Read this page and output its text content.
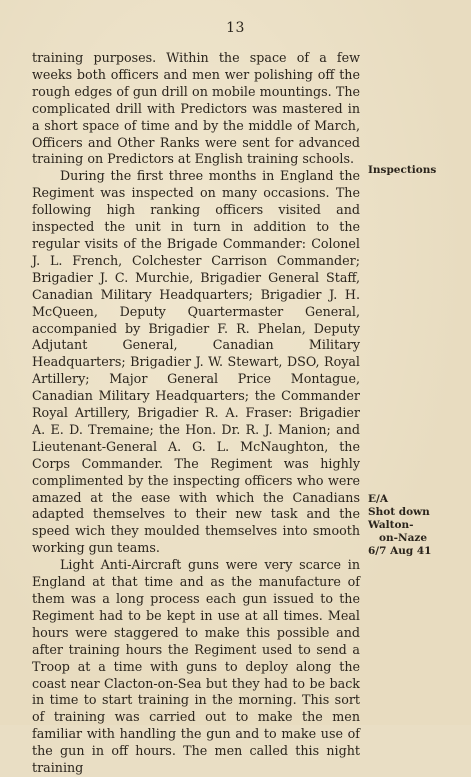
13

training purposes. Within the space of a few weeks both officers and men wer polishing off the rough edges of gun drill on mobile mountings. The complicated drill with Predictors was mastered in a short space of time and by the middle of March, Officers and Other Ranks were sent for advanced training on Predictors at English training schools.

During the first three months in England the Regiment was inspected on many occasions. The following high ranking officers visited and inspected the unit in turn in addition to the regular visits of the Brigade Commander: Colonel J. L. French, Colchester Carrison Commander; Brigadier J. C. Murchie, Brigadier General Staff, Canadian Military Headquarters; Brigadier J. H. McQueen, Deputy Quartermaster General, accompanied by Brigadier F. R. Phelan, Deputy Adjutant General, Canadian Military Headquarters; Brigadier J. W. Stewart, DSO, Royal Artillery; Major General Price Montague, Canadian Military Headquarters; the Commander Royal Artillery, Brigadier R. A. Fraser: Brigadier A. E. D. Tremaine; the Hon. Dr. R. J. Manion; and Lieutenant-General A. G. L. McNaughton, the Corps Commander. The Regiment was highly complimented by the inspecting officers who were amazed at the ease with which the Canadians adapted themselves to their new task and the speed wich they moulded themselves into smooth working gun teams.

Light Anti-Aircraft guns were very scarce in England at that time and as the manufacture of them was a long process each gun issued to the Regiment had to be kept in use at all times. Meal hours were staggered to make this possible and after training hours the Regiment used to send a Troop at a time with guns to deploy along the coast near Clacton-on-Sea but they had to be back in time to start training in the morning. This sort of training was carried out to make the men familiar with handling the gun and to make use of the gun in off hours. The men called this night training

Inspections
E/A
Shot down
Walton-
on-Naze
6/7 Aug 41
